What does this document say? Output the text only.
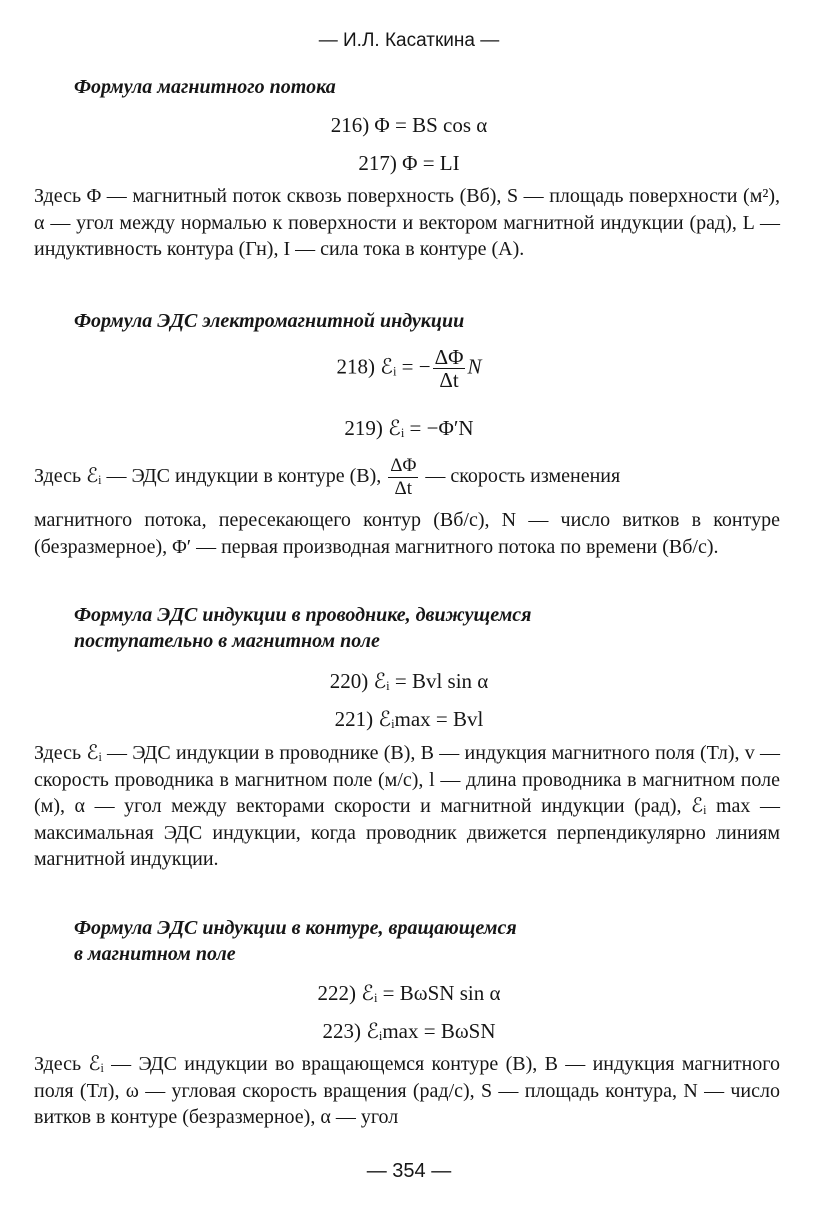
— И.Л. Касаткина —
Формула магнитного потока
216) Φ = BS cos α
217) Φ = LI
Здесь Φ — магнитный поток сквозь поверхность (Вб), S — площадь поверхности (м²), α — угол между нормалью к поверхности и вектором магнитной индукции (рад), L — индуктивность контура (Гн), I — сила тока в контуре (А).
Формула ЭДС электромагнитной индукции
218) ℰᵢ = − $\frac{\Delta\Phi}{\Delta t}$ N
219) ℰᵢ = −Φ′N
Здесь ℰᵢ — ЭДС индукции в контуре (В), $\frac{\Delta\Phi}{\Delta t}$ — скорость изменения
магнитного потока, пересекающего контур (Вб/с), N — число витков в контуре (безразмерное), Φ′ — первая производная магнитного потока по времени (Вб/с).
Формула ЭДС индукции в проводнике, движущемся
поступательно в магнитном поле
220) ℰᵢ = Bvl sin α
221) ℰᵢmax = Bvl
Здесь ℰᵢ — ЭДС индукции в проводнике (В), B — индукция магнитного поля (Тл), v — скорость проводника в магнитном поле (м/с), l — длина проводника в магнитном поле (м), α — угол между векторами скорости и магнитной индукции (рад), ℰᵢ max — максимальная ЭДС индукции, когда проводник движется перпендикулярно линиям магнитной индукции.
Формула ЭДС индукции в контуре, вращающемся
в магнитном поле
222) ℰᵢ = BωSN sin α
223) ℰᵢmax = BωSN
Здесь ℰᵢ — ЭДС индукции во вращающемся контуре (В), B — индукция магнитного поля (Тл), ω — угловая скорость вращения (рад/с), S — площадь контура, N — число витков в контуре (безразмерное), α — угол
— 354 —
